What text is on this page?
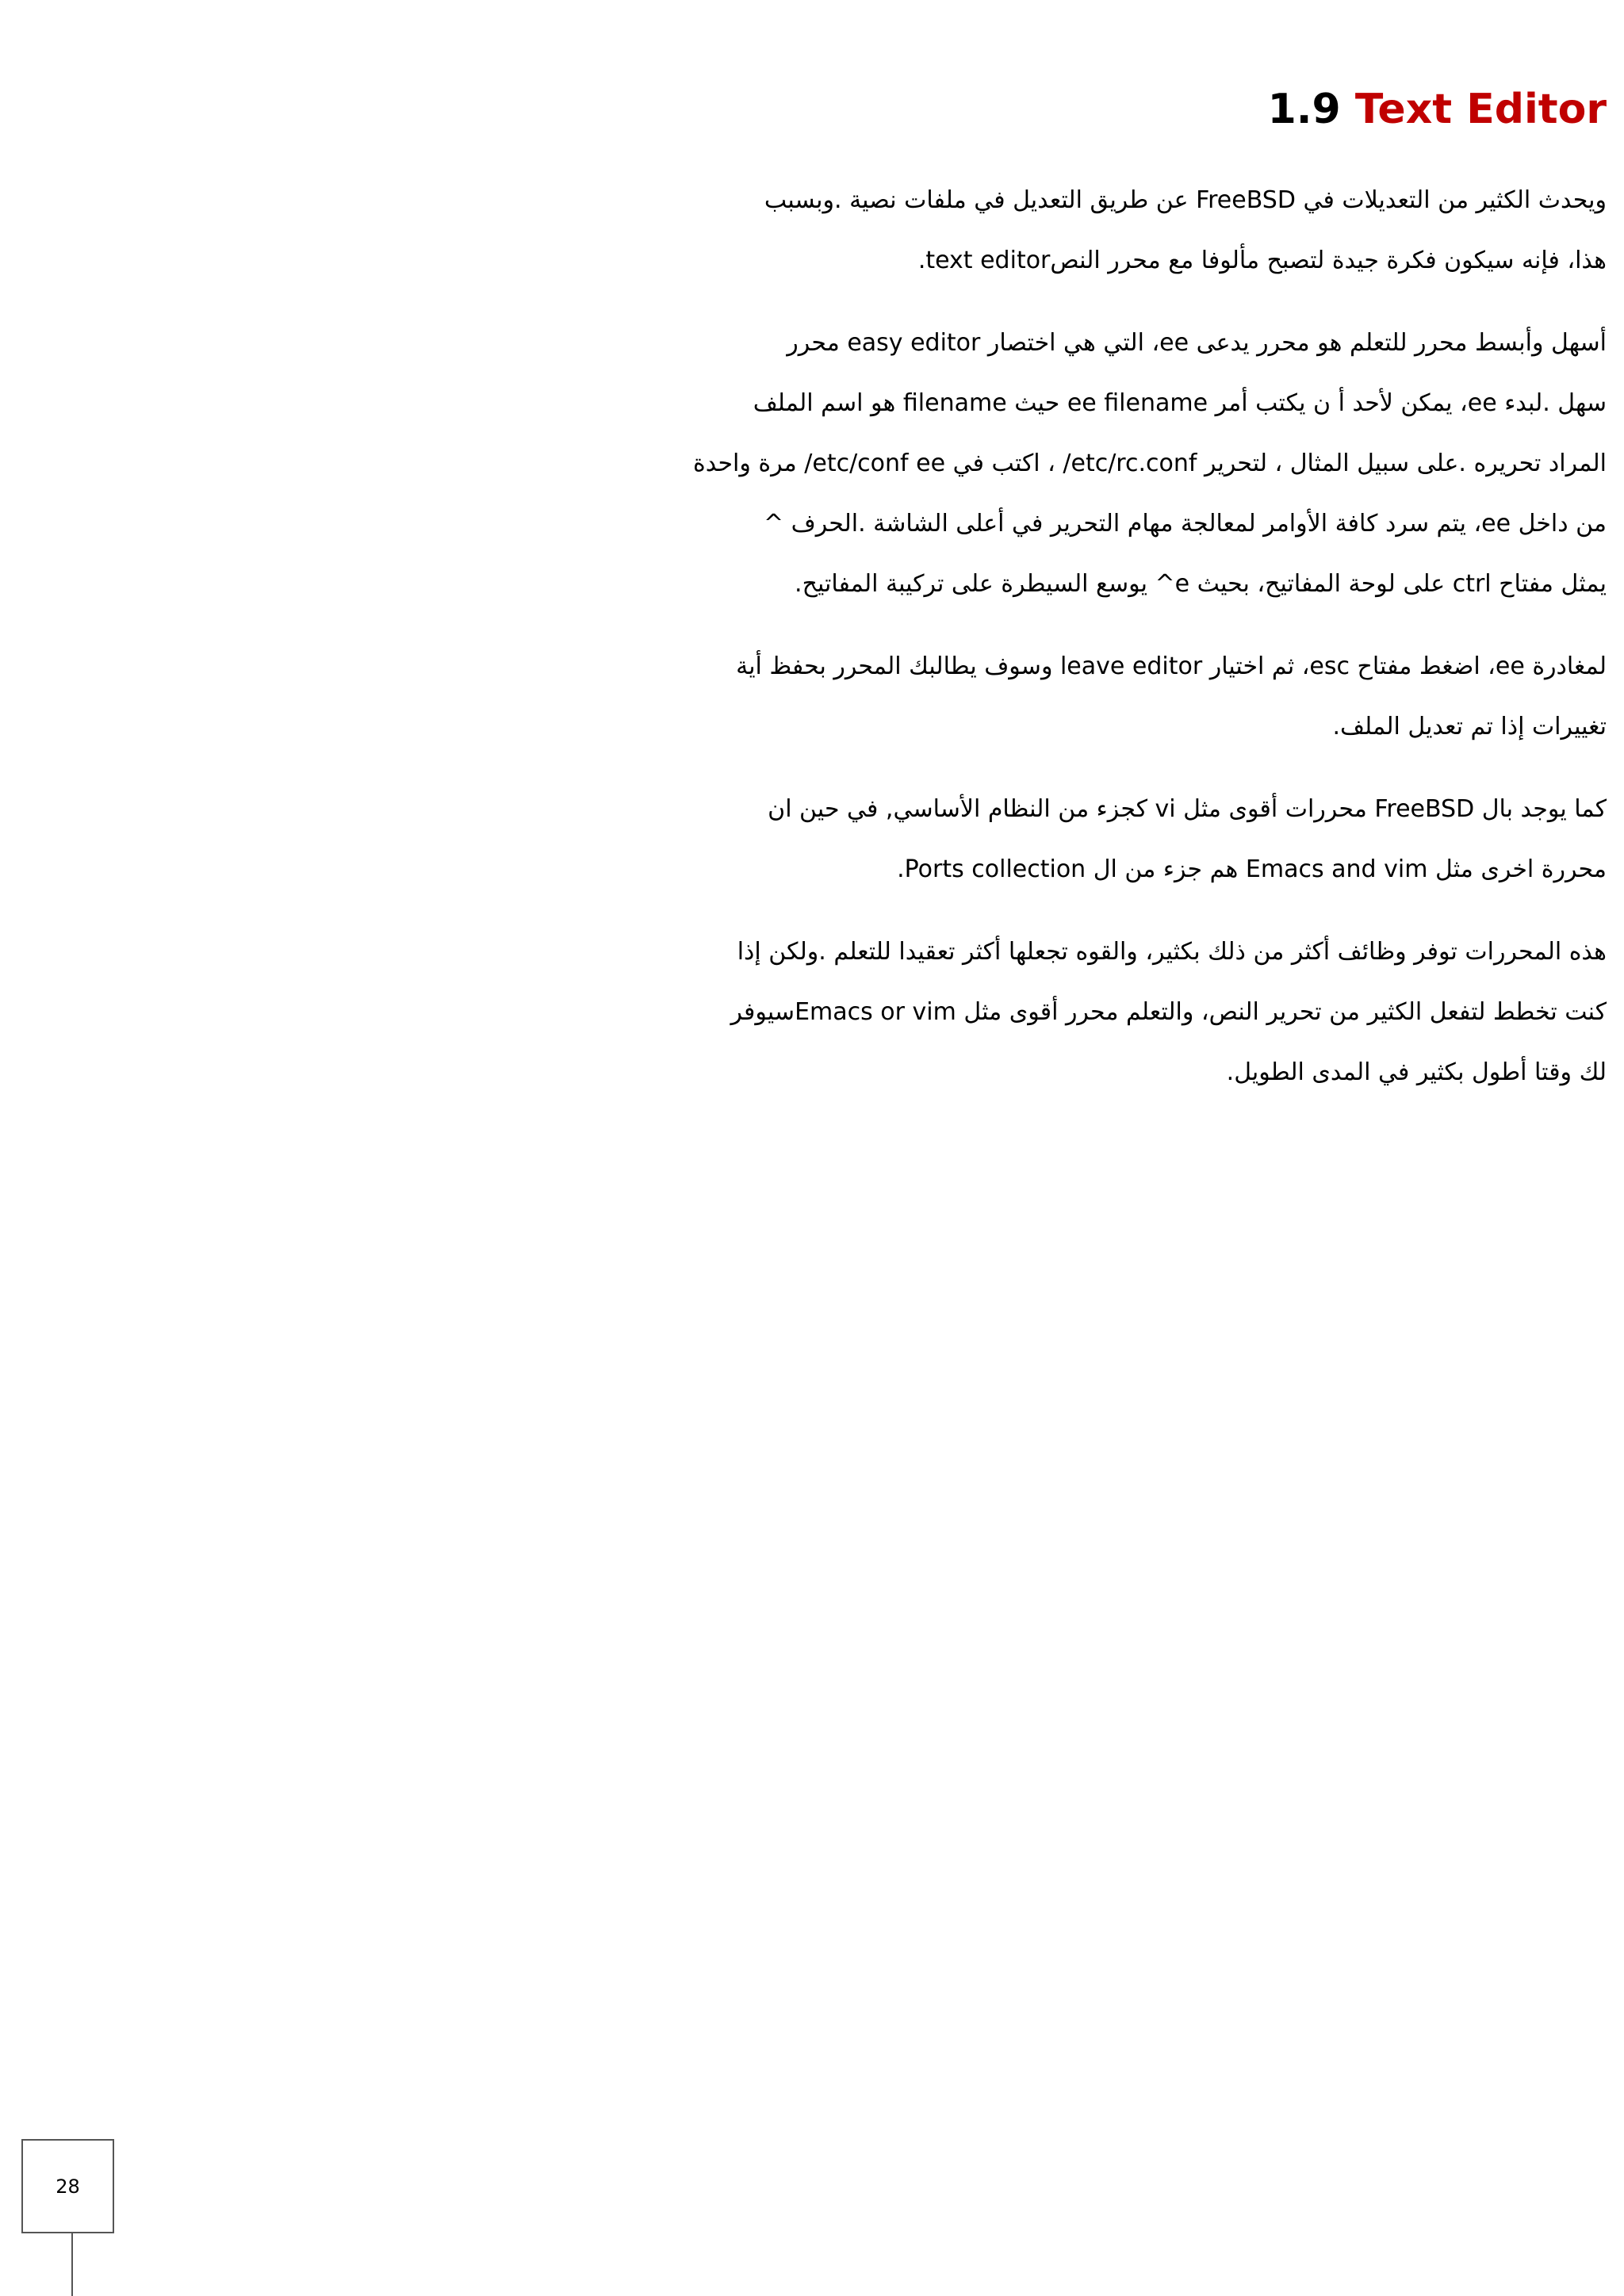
1.9 Text Editor

ويحدث الكثير من التعديلات في FreeBSD عن طريق التعديل في ملفات نصية .وبسبب
هذا، فإنه سيكون فكرة جيدة لتصبح مألوفا مع محرر النصtext editor.

أسهل وأبسط محرر للتعلم هو محرر يدعى ee، التي هي اختصار easy editor محرر
سهل .لبدء ee، يمكن لأحد أ ن يكتب أمر ee filename حيث filename هو اسم الملف
المراد تحريره .على سبيل المثال ، لتحرير etc/rc.conf/ ، اكتب في etc/conf ee/ مرة واحدة
من داخل ee، يتم سرد كافة الأوامر لمعالجة مهام التحرير في أعلى الشاشة .الحرف ^
يمثل مفتاح ctrl على لوحة المفاتيح، بحيث e^ يوسع السيطرة على تركيبة المفاتيح.

لمغادرة ee، اضغط مفتاح esc، ثم اختيار leave editor وسوف يطالبك المحرر بحفظ أية
تغييرات إذا تم تعديل الملف.

كما يوجد بال FreeBSD محررات أقوى مثل vi كجزء من النظام الأساسي, في حين ان
محررة اخرى مثل Emacs and vim هم جزء من ال Ports collection.

هذه المحررات توفر وظائف أكثر من ذلك بكثير، والقوه تجعلها أكثر تعقيدا للتعلم .ولكن إذا
كنت تخطط لتفعل الكثير من تحرير النص، والتعلم محرر أقوى مثل Emacs or vimسيوفر
لك وقتا أطول بكثير في المدى الطويل.

28
